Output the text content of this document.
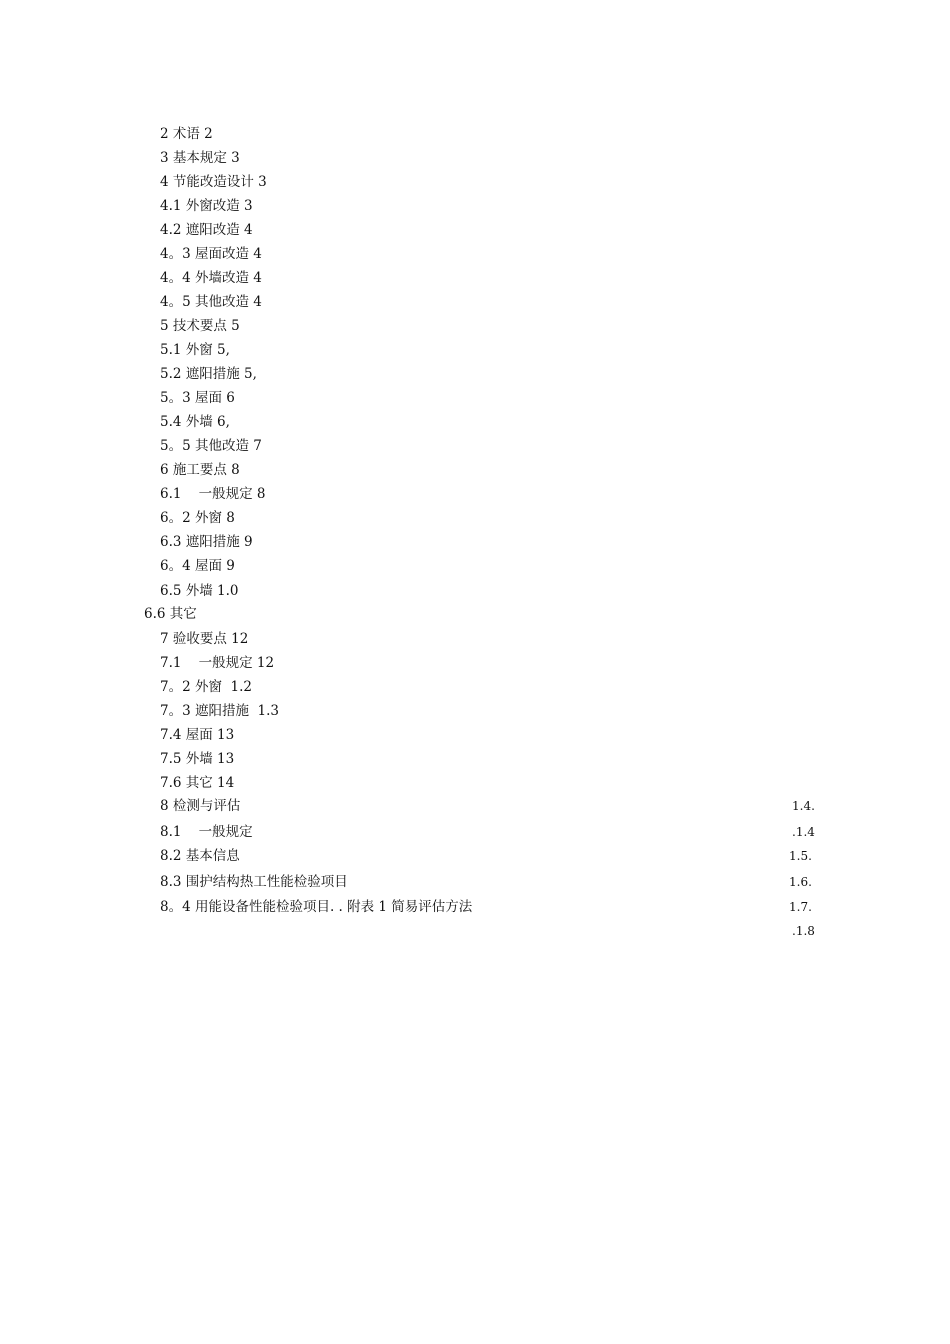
2 术语 2
3 基本规定 3
4 节能改造设计 3
4.1 外窗改造 3
4.2 遮阳改造 4
4。3 屋面改造 4
4。4 外墙改造 4
4。5 其他改造 4
5 技术要点 5
5.1 外窗 5,
5.2 遮阳措施 5,
5。3 屋面 6
5.4 外墙 6,
5。5 其他改造 7
6 施工要点 8
6.1    一般规定 8
6。2 外窗 8
6.3 遮阳措施 9
6。4 屋面 9
6.5 外墙 1.0
6.6 其它
7 验收要点 12
7.1    一般规定 12
7。2 外窗  1.2
7。3 遮阳措施  1.3
7.4 屋面 13
7.5 外墙 13
7.6 其它 14
8 检测与评估	1.4.
8.1    一般规定	.1.4
8.2 基本信息	1.5.
8.3 围护结构热工性能检验项目	1.6.
8。4 用能设备性能检验项目. . 附表 1 简易评估方法	1.7.
.1.8
